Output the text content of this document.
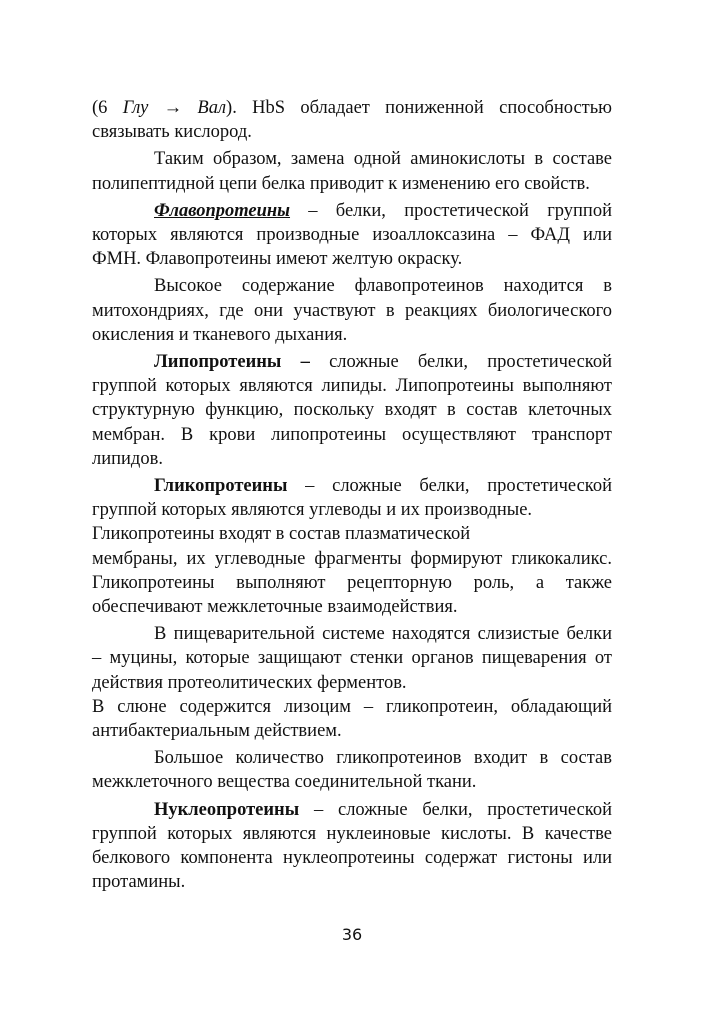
(6 Глу → Вал). HbS обладает пониженной способностью связывать кислород.

Таким образом, замена одной аминокислоты в составе полипептидной цепи белка приводит к изменению его свойств.

Флавопротеины – белки, простетической группой которых являются производные изоаллоксазина – ФАД или ФМН. Флавопротеины имеют желтую окраску.

Высокое содержание флавопротеинов находится в

митохондриях, где они участвуют в реакциях биологического окисления и тканевого дыхания.

Липопротеины – сложные белки, простетической группой которых являются липиды. Липопротеины выполняют структурную функцию, поскольку входят в состав клеточных мембран. В крови липопротеины осуществляют транспорт липидов.

Гликопротеины – сложные белки, простетической группой которых являются углеводы и их производные.

Гликопротеины входят в состав плазматической

мембраны, их углеводные фрагменты формируют гликокаликс. Гликопротеины выполняют рецепторную роль, а также обеспечивают межклеточные взаимодействия.

В пищеварительной системе находятся слизистые белки – муцины, которые защищают стенки органов пищеварения от действия протеолитических ферментов.

В слюне содержится лизоцим – гликопротеин, обладающий антибактериальным действием.

Большое количество гликопротеинов входит в состав межклеточного вещества соединительной ткани.

Нуклеопротеины – сложные белки, простетической группой которых являются нуклеиновые кислоты. В качестве белкового компонента нуклеопротеины содержат гистоны или протамины.

36
